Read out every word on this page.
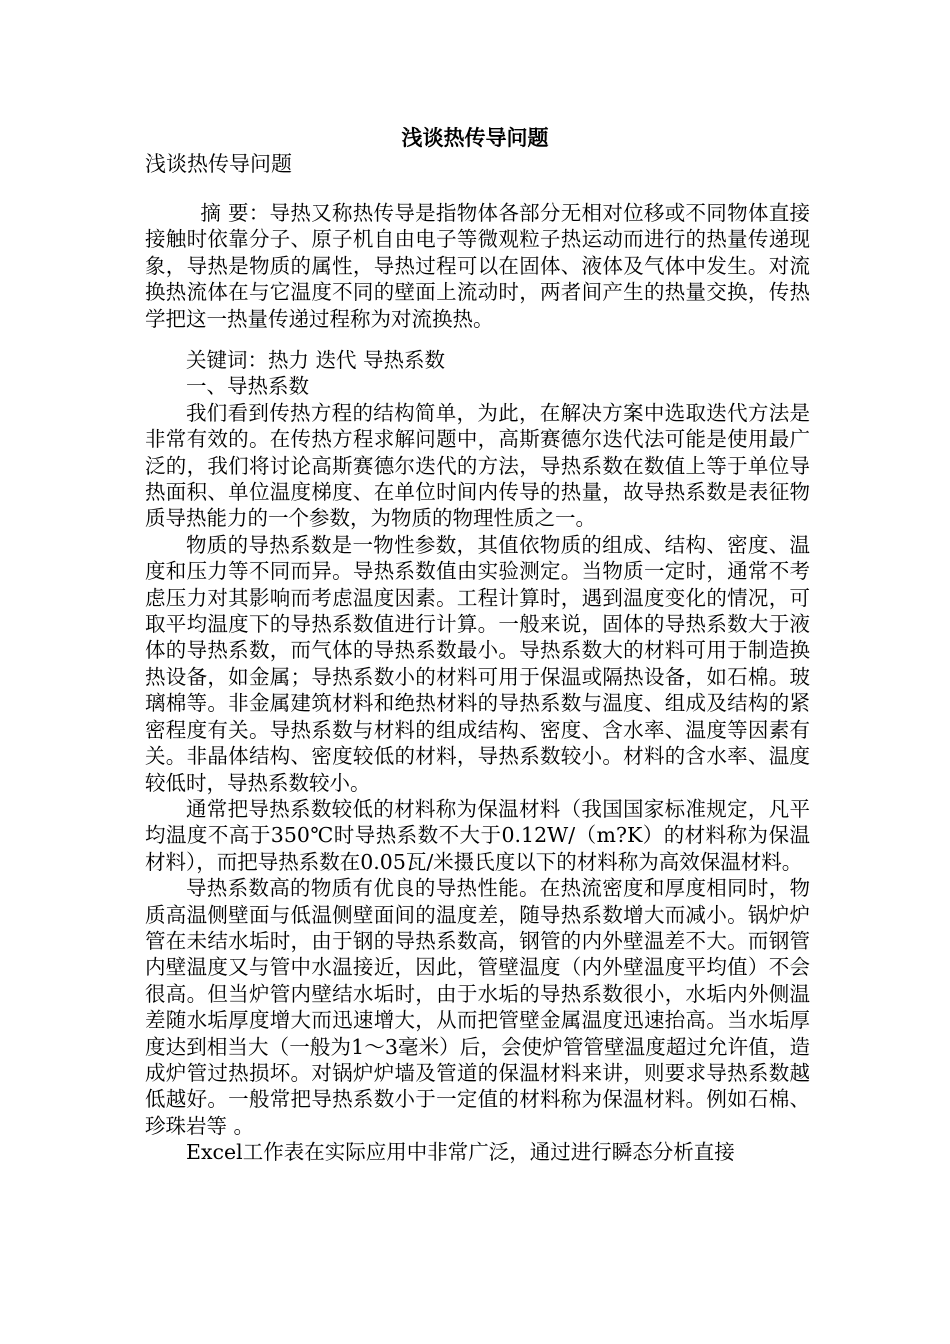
浅谈热传导问题
浅谈热传导问题

摘 要：导热又称热传导是指物体各部分无相对位移或不同物体直接接触时依靠分子、原子机自由电子等微观粒子热运动而进行的热量传递现象，导热是物质的属性，导热过程可以在固体、液体及气体中发生。对流换热流体在与它温度不同的壁面上流动时，两者间产生的热量交换，传热学把这一热量传递过程称为对流换热。

关键词：热力 迭代 导热系数

一、导热系数

我们看到传热方程的结构简单，为此，在解决方案中选取迭代方法是非常有效的。在传热方程求解问题中，高斯赛德尔迭代法可能是使用最广泛的，我们将讨论高斯赛德尔迭代的方法，导热系数在数值上等于单位导热面积、单位温度梯度、在单位时间内传导的热量，故导热系数是表征物质导热能力的一个参数，为物质的物理性质之一。

物质的导热系数是一物性参数，其值依物质的组成、结构、密度、温度和压力等不同而异。导热系数值由实验测定。当物质一定时，通常不考虑压力对其影响而考虑温度因素。工程计算时，遇到温度变化的情况，可取平均温度下的导热系数值进行计算。一般来说，固体的导热系数大于液体的导热系数，而气体的导热系数最小。导热系数大的材料可用于制造换热设备，如金属；导热系数小的材料可用于保温或隔热设备，如石棉。玻璃棉等。非金属建筑材料和绝热材料的导热系数与温度、组成及结构的紧密程度有关。导热系数与材料的组成结构、密度、含水率、温度等因素有关。非晶体结构、密度较低的材料，导热系数较小。材料的含水率、温度较低时，导热系数较小。

通常把导热系数较低的材料称为保温材料（我国国家标准规定，凡平均温度不高于350℃时导热系数不大于0.12W/（m?K）的材料称为保温材料），而把导热系数在0.05瓦/米摄氏度以下的材料称为高效保温材料。

导热系数高的物质有优良的导热性能。在热流密度和厚度相同时，物质高温侧壁面与低温侧壁面间的温度差，随导热系数增大而减小。锅炉炉管在未结水垢时，由于钢的导热系数高，钢管的内外壁温差不大。而钢管内壁温度又与管中水温接近，因此，管壁温度（内外壁温度平均值）不会很高。但当炉管内壁结水垢时，由于水垢的导热系数很小，水垢内外侧温差随水垢厚度增大而迅速增大，从而把管壁金属温度迅速抬高。当水垢厚度达到相当大（一般为1～3毫米）后，会使炉管管壁温度超过允许值，造成炉管过热损坏。对锅炉炉墙及管道的保温材料来讲，则要求导热系数越低越好。一般常把导热系数小于一定值的材料称为保温材料。例如石棉、珍珠岩等 。

Excel工作表在实际应用中非常广泛，通过进行瞬态分析直接
